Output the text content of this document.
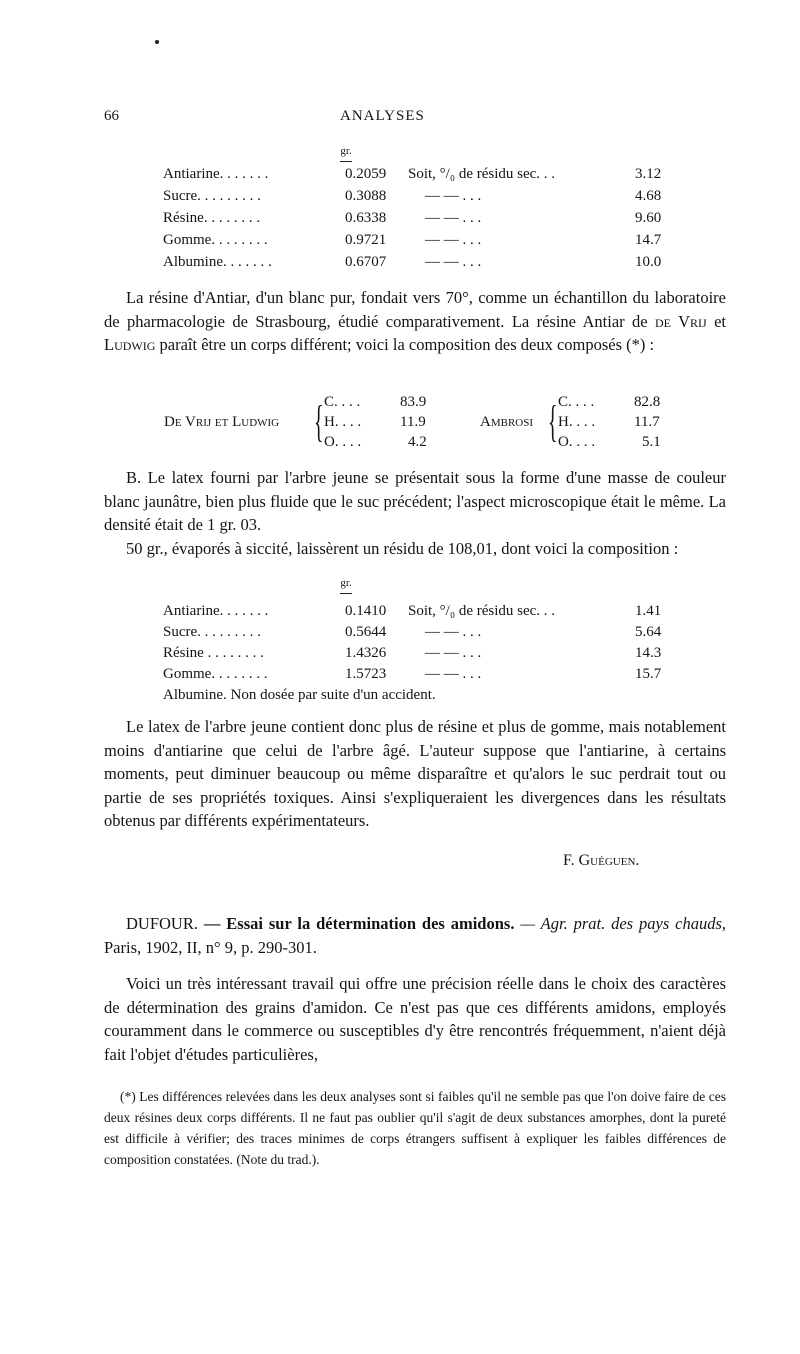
66	ANALYSES
gr.
Antiarine. . . . . . .	0.2059 Soit, °/₀ de résidu sec. . .	3.12
Sucre. . . . . . . . .	0.3088	— — . . .	4.68
Résine. . . . . . . .	0.6338	— — . . .	9.60
Gomme. . . . . . . .	0.9721	— — . . .	14.7
Albumine. . . . . . .	0.6707	— — . . .	10.0

La résine d'Antiar, d'un blanc pur, fondait vers 70°, comme un échantillon du laboratoire de pharmacologie de Strasbourg, étudié comparativement. La résine Antiar de de Vrij et Ludwig paraît être un corps différent; voici la composition des deux composés (*) :

De Vrij et Ludwig { C. . . .	83.9
H. . . .	11.9
O. . . .	4.2
Ambrosi { C. . . .	82.8
H. . . .	11.7
O. . . .	5.1

B. Le latex fourni par l'arbre jeune se présentait sous la forme d'une masse de couleur blanc jaunâtre, bien plus fluide que le suc précédent; l'aspect microscopique était le même. La densité était de 1 gr. 03.

50 gr., évaporés à siccité, laissèrent un résidu de 108,01, dont voici la composition :

gr.
Antiarine. . . . . . .	0.1410 Soit, °/₀ de résidu sec. . .	1.41
Sucre. . . . . . . . .	0.5644	— — . . .	5.64
Résine . . . . . . . .	1.4326	— — . . .	14.3
Gomme. . . . . . . .	1.5723	— — . . .	15.7
Albumine. Non dosée par suite d'un accident.

Le latex de l'arbre jeune contient donc plus de résine et plus de gomme, mais notablement moins d'antiarine que celui de l'arbre âgé. L'auteur suppose que l'antiarine, à certains moments, peut diminuer beaucoup ou même disparaître et qu'alors le suc perdrait tout ou partie de ses propriétés toxiques. Ainsi s'expliqueraient les divergences dans les résultats obtenus par différents expérimentateurs.

F. Guéguen.

DUFOUR. — Essai sur la détermination des amidons. — Agr. prat. des pays chauds, Paris, 1902, II, n° 9, p. 290-301.

Voici un très intéressant travail qui offre une précision réelle dans le choix des caractères de détermination des grains d'amidon. Ce n'est pas que ces différents amidons, employés couramment dans le commerce ou susceptibles d'y être rencontrés fréquemment, n'aient déjà fait l'objet d'études particulières,

(*) Les différences relevées dans les deux analyses sont si faibles qu'il ne semble pas que l'on doive faire de ces deux résines deux corps différents. Il ne faut pas oublier qu'il s'agit de deux substances amorphes, dont la pureté est difficile à vérifier; des traces minimes de corps étrangers suffisent à expliquer les faibles différences de composition constatées. (Note du trad.).
